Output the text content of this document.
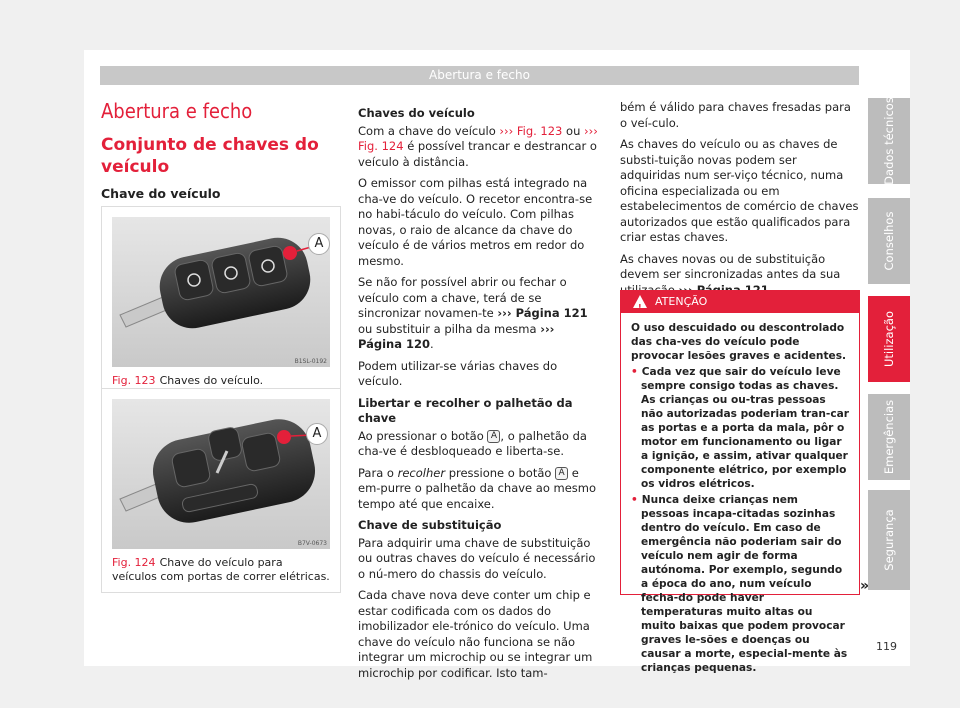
Abertura e fecho
Dados técnicos
Conselhos
Utilização
Emergências
Segurança
Abertura e fecho
Conjunto de chaves do veículo
Chave do veículo
A
B1SL-0192
Fig. 123 Chaves do veículo.
A
B7V-0673
Fig. 124 Chave do veículo para veículos com portas de correr elétricas.
Chaves do veículo

Com a chave do veículo ››› Fig. 123 ou ››› Fig. 124 é possível trancar e destrancar o veículo à distância.

O emissor com pilhas está integrado na cha-ve do veículo. O recetor encontra-se no habi-táculo do veículo. Com pilhas novas, o raio de alcance da chave do veículo é de vários metros em redor do mesmo.

Se não for possível abrir ou fechar o veículo com a chave, terá de se sincronizar novamen-te ››› Página 121 ou substituir a pilha da mesma ››› Página 120.

Podem utilizar-se várias chaves do veículo.

Libertar e recolher o palhetão da chave

Ao pressionar o botão A , o palhetão da cha-ve é desbloqueado e liberta-se.

Para o recolher pressione o botão A e em-purre o palhetão da chave ao mesmo tempo até que encaixe.

Chave de substituição

Para adquirir uma chave de substituição ou outras chaves do veículo é necessário o nú-mero do chassis do veículo.

Cada chave nova deve conter um chip e estar codificada com os dados do imobilizador ele-trónico do veículo. Uma chave do veículo não funciona se não integrar um microchip ou se integrar um microchip por codificar. Isto tam-

bém é válido para chaves fresadas para o veí-culo.

As chaves do veículo ou as chaves de substi-tuição novas podem ser adquiridas num ser-viço técnico, numa oficina especializada ou em estabelecimentos de comércio de chaves autorizados que estão qualificados para criar estas chaves.

As chaves novas ou de substituição devem ser sincronizadas antes da sua

!
ATENÇÃO
O uso descuidado ou descontrolado das cha-ves do veículo pode provocar lesões graves e acidentes.
• Cada vez que sair do veículo leve sempre consigo todas as chaves. As crianças ou ou-tras pessoas não autorizadas poderiam tran-car as portas e a porta da mala, pôr o motor em funcionamento ou ligar a ignição, e assim, ativar qualquer componente elétrico, por exemplo os vidros elétricos.
• Nunca deixe crianças nem pessoas incapa-citadas sozinhas dentro do veículo. Em caso de emergência não poderiam sair do veículo nem agir de forma autónoma. Por exemplo, segundo a época do ano, num veículo fecha-do pode haver temperaturas muito altas ou muito baixas que podem provocar graves le-sões e doenças ou causar a morte, especial-mente às crianças pequenas.
»
119
